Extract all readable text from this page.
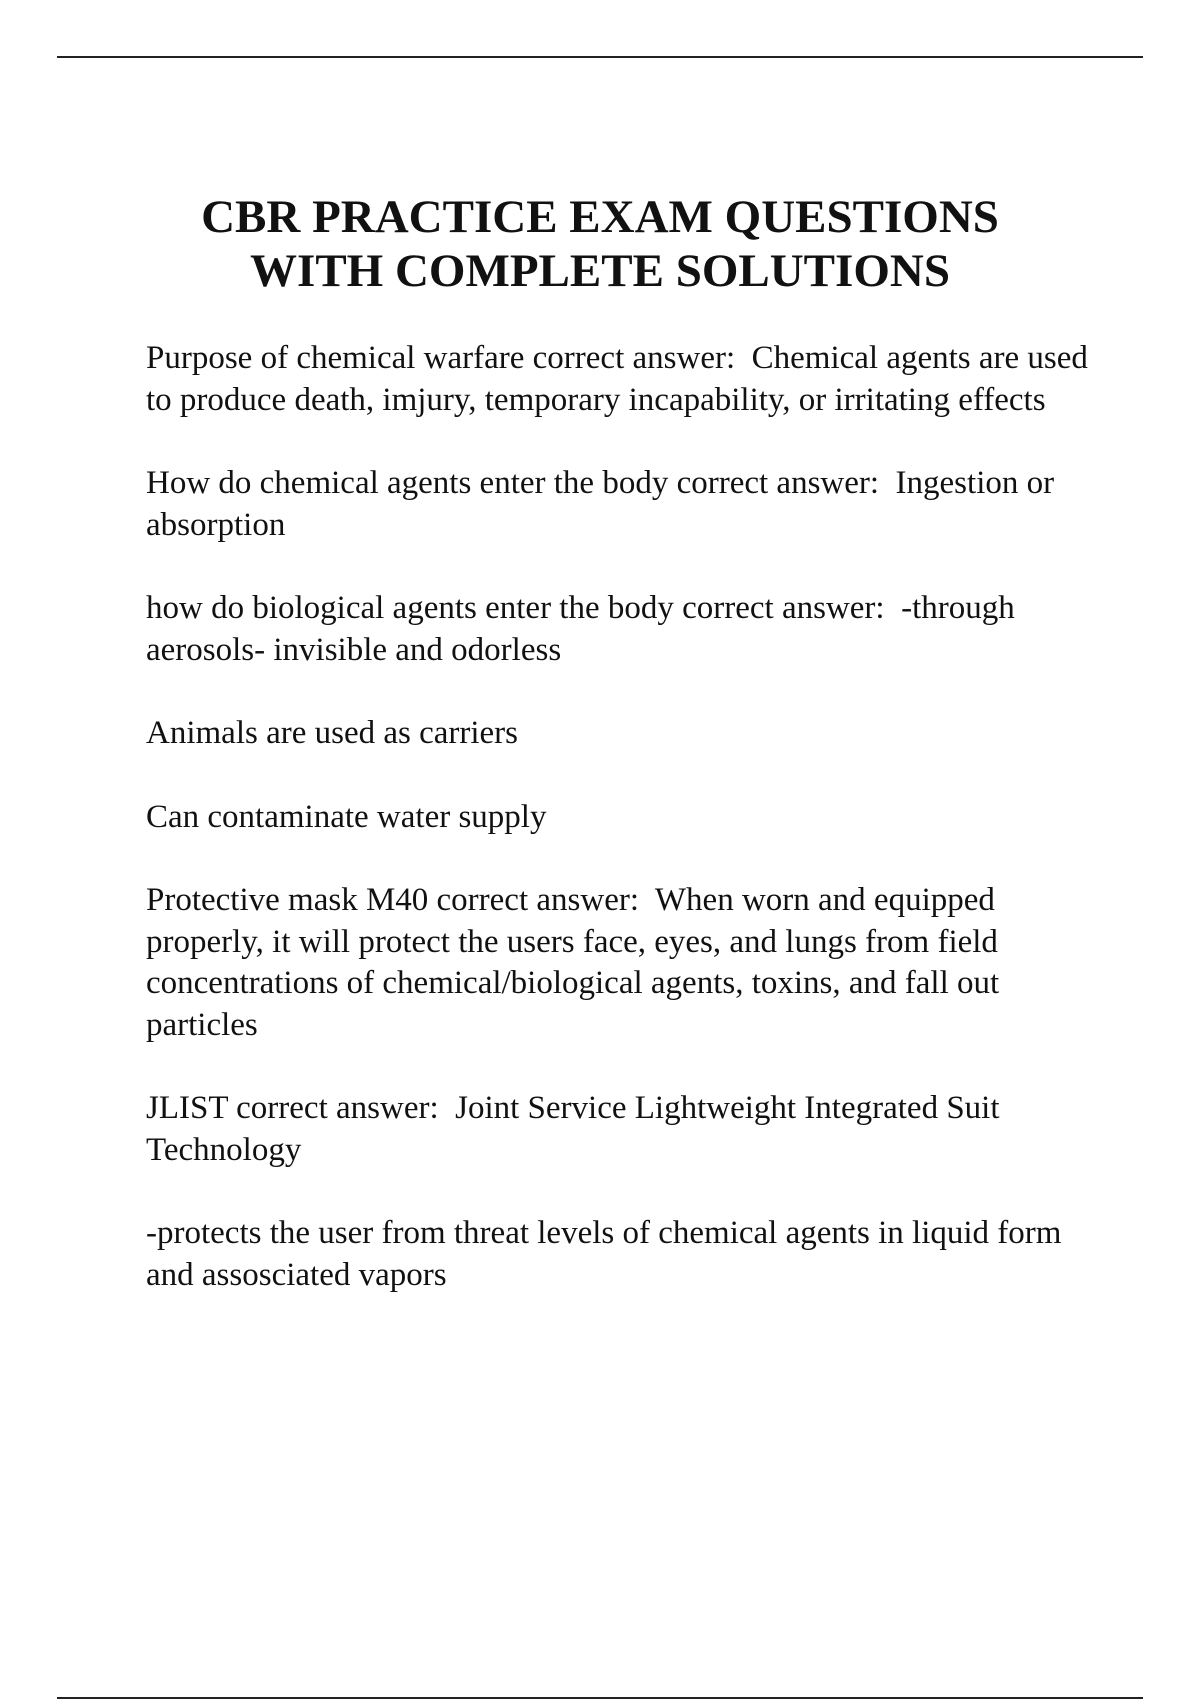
CBR PRACTICE EXAM QUESTIONS
WITH COMPLETE SOLUTIONS

Purpose of chemical warfare correct answer:  Chemical agents are used to produce death, imjury, temporary incapability, or irritating effects

How do chemical agents enter the body correct answer:  Ingestion or absorption

how do biological agents enter the body correct answer:  -through aerosols- invisible and odorless

Animals are used as carriers

Can contaminate water supply

Protective mask M40 correct answer:  When worn and equipped properly, it will protect the users face, eyes, and lungs from field concentrations of chemical/biological agents, toxins, and fall out particles

JLIST correct answer:  Joint Service Lightweight Integrated Suit Technology

-protects the user from threat levels of chemical agents in liquid form and assosciated vapors
